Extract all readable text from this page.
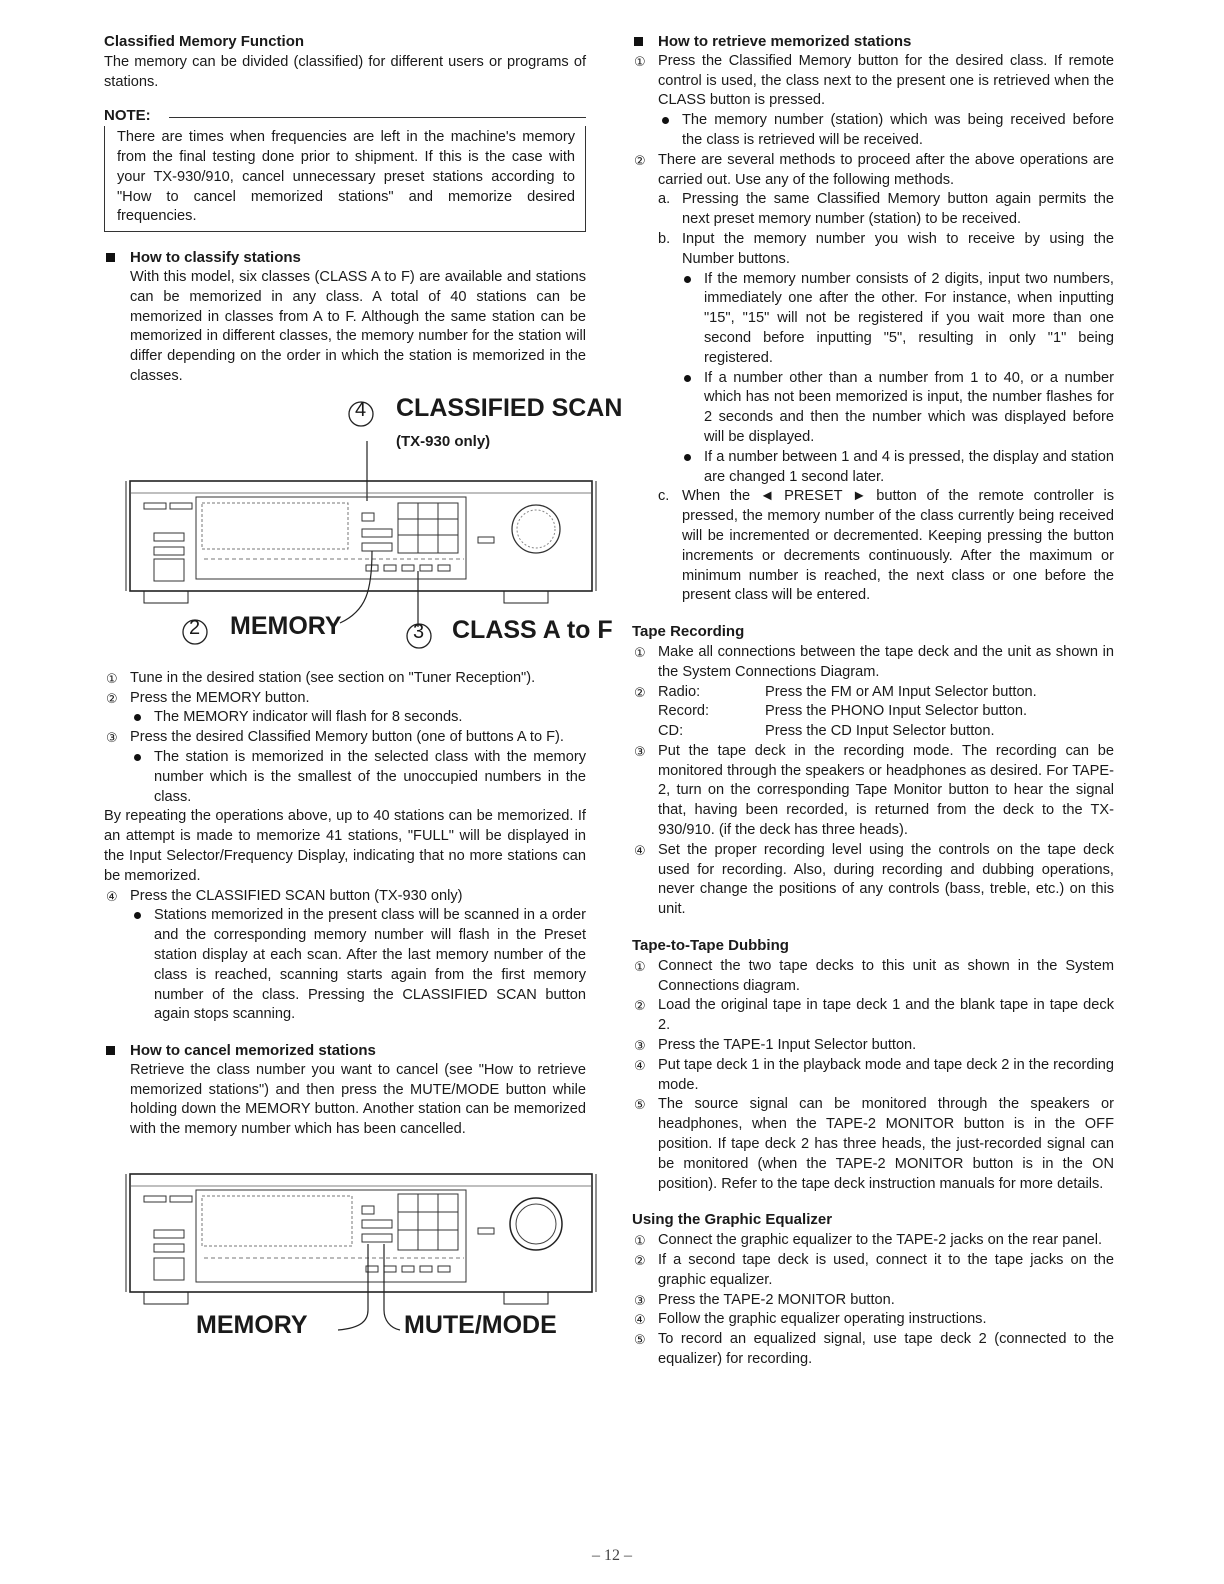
Classified Memory Function

The memory can be divided (classified) for different users or programs of stations.

NOTE:

There are times when frequencies are left in the machine's memory from the final testing done prior to shipment. If this is the case with your TX-930/910, cancel unnecessary preset stations according to "How to cancel memorized stations" and memorize desired frequencies.

How to classify stations

With this model, six classes (CLASS A to F) are available and stations can be memorized in any class. A total of 40 stations can be memorized in classes from A to F. Although the same station can be memorized in different classes, the memory number for the station will differ depending on the order in which the station is memorized in the classes.

4 CLASSIFIED SCAN
(TX-930 only)
2 MEMORY	3 CLASS A to F
① Tune in the desired station (see section on "Tuner Reception").
② Press the MEMORY button.
The MEMORY indicator will flash for 8 seconds.
③ Press the desired Classified Memory button (one of buttons A to F).
The station is memorized in the selected class with the memory number which is the smallest of the unoccupied numbers in the class.

By repeating the operations above, up to 40 stations can be memorized. If an attempt is made to memorize 41 stations, "FULL" will be displayed in the Input Selector/Frequency Display, indicating that no more stations can be memorized.

④ Press the CLASSIFIED SCAN button (TX-930 only)
Stations memorized in the present class will be scanned in a order and the corresponding memory number will flash in the Preset station display at each scan. After the last memory number of the class is reached, scanning starts again from the first memory number of the class. Pressing the CLASSIFIED SCAN button again stops scanning.
How to cancel memorized stations

Retrieve the class number you want to cancel (see "How to retrieve memorized stations") and then press the MUTE/MODE button while holding down the MEMORY button. Another station can be memorized with the memory number which has been cancelled.

MEMORY	MUTE/MODE
How to retrieve memorized stations
① Press the Classified Memory button for the desired class. If remote control is used, the class next to the present one is retrieved when the CLASS button is pressed.
The memory number (station) which was being received before the class is retrieved will be received.
② There are several methods to proceed after the above operations are carried out. Use any of the following methods.
a. Pressing the same Classified Memory button again permits the next preset memory number (station) to be received.
b. Input the memory number you wish to receive by using the Number buttons.
If the memory number consists of 2 digits, input two numbers, immediately one after the other. For instance, when inputting "15", "15" will not be registered if you wait more than one second before inputting "5", resulting in only "1" being registered.
If a number other than a number from 1 to 40, or a number which has not been memorized is input, the number flashes for 2 seconds and then the number which was displayed before will be displayed.
If a number between 1 and 4 is pressed, the display and station are changed 1 second later.
c. When the ◄ PRESET ► button of the remote controller is pressed, the memory number of the class currently being received will be incremented or decremented. Keeping pressing the button increments or decrements continuously. After the maximum or minimum number is reached, the next class or one before the present class will be entered.
Tape Recording
① Make all connections between the tape deck and the unit as shown in the System Connections Diagram.
② Radio:	Press the FM or AM Input Selector button.
Record:	Press the PHONO Input Selector button.
CD:	Press the CD Input Selector button.
③ Put the tape deck in the recording mode. The recording can be monitored through the speakers or headphones as desired. For TAPE-2, turn on the corresponding Tape Monitor button to hear the signal that, having been recorded, is returned from the deck to the TX-930/910. (if the deck has three heads).
④ Set the proper recording level using the controls on the tape deck used for recording. Also, during recording and dubbing operations, never change the positions of any controls (bass, treble, etc.) on this unit.
Tape-to-Tape Dubbing
① Connect the two tape decks to this unit as shown in the System Connections diagram.
② Load the original tape in tape deck 1 and the blank tape in tape deck 2.
③ Press the TAPE-1 Input Selector button.
④ Put tape deck 1 in the playback mode and tape deck 2 in the recording mode.
⑤ The source signal can be monitored through the speakers or headphones, when the TAPE-2 MONITOR button is in the OFF position. If tape deck 2 has three heads, the just-recorded signal can be monitored (when the TAPE-2 MONITOR button is in the ON position). Refer to the tape deck instruction manuals for more details.
Using the Graphic Equalizer
① Connect the graphic equalizer to the TAPE-2 jacks on the rear panel.
② If a second tape deck is used, connect it to the tape jacks on the graphic equalizer.
③ Press the TAPE-2 MONITOR button.
④ Follow the graphic equalizer operating instructions.
⑤ To record an equalized signal, use tape deck 2 (connected to the equalizer) for recording.
– 12 –
